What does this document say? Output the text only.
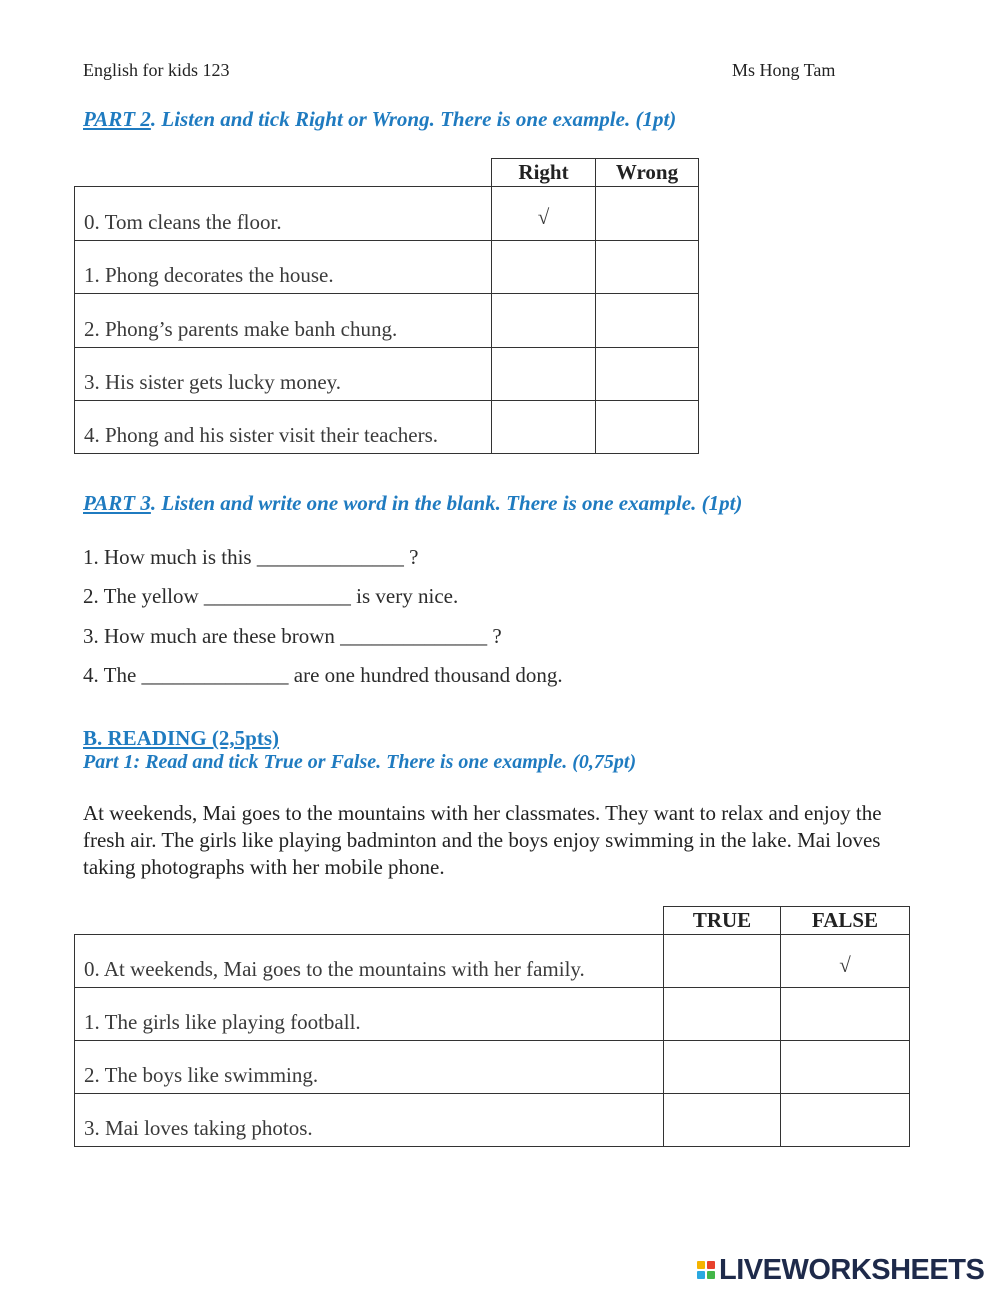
English for kids 123	Ms Hong Tam
PART 2. Listen and tick Right or Wrong. There is one example. (1pt)
	Right	Wrong
0. Tom cleans the floor.	√	
1. Phong decorates the house.		
2. Phong’s parents make banh chung.		
3. His sister gets lucky money.		
4. Phong and his sister visit their teachers.		
PART 3. Listen and write one word in the blank. There is one example. (1pt)
1. How much is this ______________ ?
2. The yellow ______________ is very nice.
3. How much are these brown ______________ ?
4. The ______________ are one hundred thousand dong.
B. READING (2,5pts)
Part 1: Read and tick True or False. There is one example. (0,75pt)
At weekends, Mai goes to the mountains with her classmates. They want to relax and enjoy the fresh air. The girls like playing badminton and the boys enjoy swimming in the lake. Mai loves taking photographs with her mobile phone.
	TRUE	FALSE
0. At weekends, Mai goes to the mountains with her family.		√
1. The girls like playing football.		
2. The boys like swimming.		
3. Mai loves taking photos.		
LIVEWORKSHEETS
